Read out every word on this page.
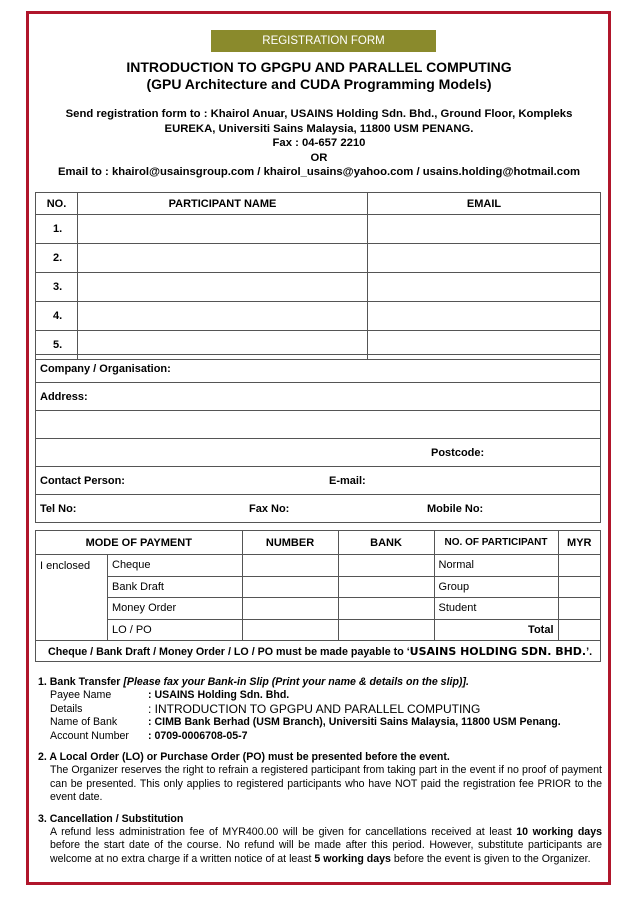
REGISTRATION FORM
INTRODUCTION TO GPGPU AND PARALLEL COMPUTING
(GPU Architecture and CUDA Programming Models)
Send registration form to : Khairol Anuar, USAINS Holding Sdn. Bhd., Ground Floor, Kompleks
EUREKA, Universiti Sains Malaysia, 11800 USM PENANG.
Fax : 04-657 2210
OR
Email to : khairol@usainsgroup.com / khairol_usains@yahoo.com / usains.holding@hotmail.com
NO.	PARTICIPANT NAME	EMAIL
1.		
2.		
3.		
4.		
5.		
Company / Organisation:
Address:

Postcode:

Contact Person:	E-mail:

Tel No:	Fax No:	Mobile No:
MODE OF PAYMENT		NUMBER	BANK	NO. OF PARTICIPANT	MYR
I enclosed	Cheque			Normal	
	Bank Draft			Group	
	Money Order			Student	
	LO / PO			Total	
Cheque / Bank Draft / Money Order / LO / PO must be made payable to ‘USAINS HOLDING SDN. BHD.’.					
1. Bank Transfer [Please fax your Bank-in Slip (Print your name & details on the slip)].
Payee Name	: USAINS Holding Sdn. Bhd.
Details	: INTRODUCTION TO GPGPU AND PARALLEL COMPUTING
Name of Bank	: CIMB Bank Berhad (USM Branch), Universiti Sains Malaysia, 11800 USM Penang.
Account Number	: 0709-0006708-05-7
2. A Local Order (LO) or Purchase Order (PO) must be presented before the event.
The Organizer reserves the right to refrain a registered participant from taking part in the event if no proof of payment can be presented. This only applies to registered participants who have NOT paid the registration fee PRIOR to the event date.
3. Cancellation / Substitution
A refund less administration fee of MYR400.00 will be given for cancellations received at least 10 working days before the start date of the course. No refund will be made after this period. However, substitute participants are welcome at no extra charge if a written notice of at least 5 working days before the event is given to the Organizer.
